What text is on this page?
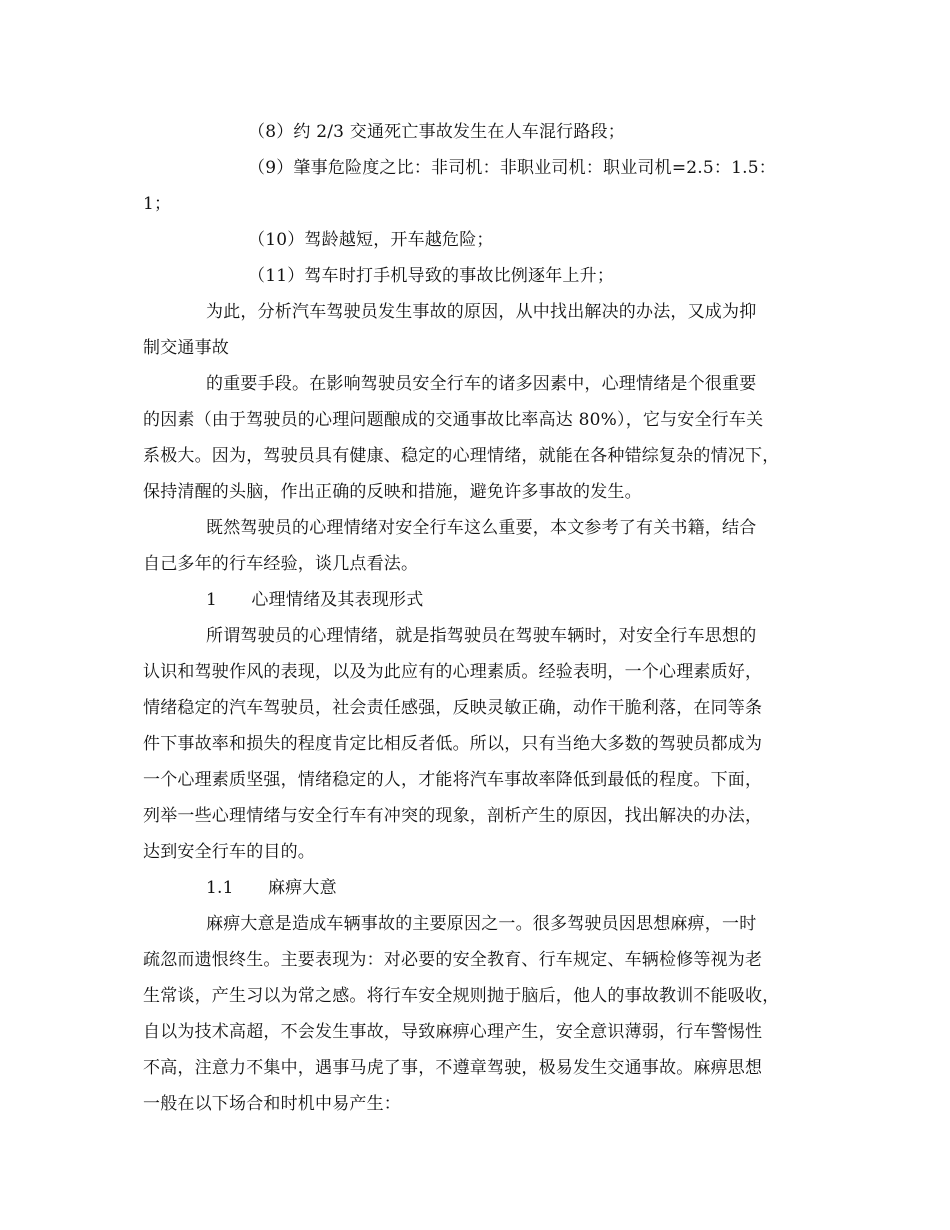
（8）约 2/3 交通死亡事故发生在人车混行路段；
（9）肇事危险度之比：非司机：非职业司机：职业司机=2.5：1.5：
1；
（10）驾龄越短，开车越危险；
（11）驾车时打手机导致的事故比例逐年上升；
为此，分析汽车驾驶员发生事故的原因，从中找出解决的办法，又成为抑
制交通事故
的重要手段。在影响驾驶员安全行车的诸多因素中，心理情绪是个很重要
的因素（由于驾驶员的心理问题酿成的交通事故比率高达 80%），它与安全行车关
系极大。因为，驾驶员具有健康、稳定的心理情绪，就能在各种错综复杂的情况下，
保持清醒的头脑，作出正确的反映和措施，避免许多事故的发生。
既然驾驶员的心理情绪对安全行车这么重要，本文参考了有关书籍，结合
自己多年的行车经验，谈几点看法。
1　　心理情绪及其表现形式
所谓驾驶员的心理情绪，就是指驾驶员在驾驶车辆时，对安全行车思想的
认识和驾驶作风的表现，以及为此应有的心理素质。经验表明，一个心理素质好，
情绪稳定的汽车驾驶员，社会责任感强，反映灵敏正确，动作干脆利落，在同等条
件下事故率和损失的程度肯定比相反者低。所以，只有当绝大多数的驾驶员都成为
一个心理素质坚强，情绪稳定的人，才能将汽车事故率降低到最低的程度。下面，
列举一些心理情绪与安全行车有冲突的现象，剖析产生的原因，找出解决的办法，
达到安全行车的目的。
1.1　　麻痹大意
麻痹大意是造成车辆事故的主要原因之一。很多驾驶员因思想麻痹，一时
疏忽而遗恨终生。主要表现为：对必要的安全教育、行车规定、车辆检修等视为老
生常谈，产生习以为常之感。将行车安全规则抛于脑后，他人的事故教训不能吸收，
自以为技术高超，不会发生事故，导致麻痹心理产生，安全意识薄弱，行车警惕性
不高，注意力不集中，遇事马虎了事，不遵章驾驶，极易发生交通事故。麻痹思想
一般在以下场合和时机中易产生：
